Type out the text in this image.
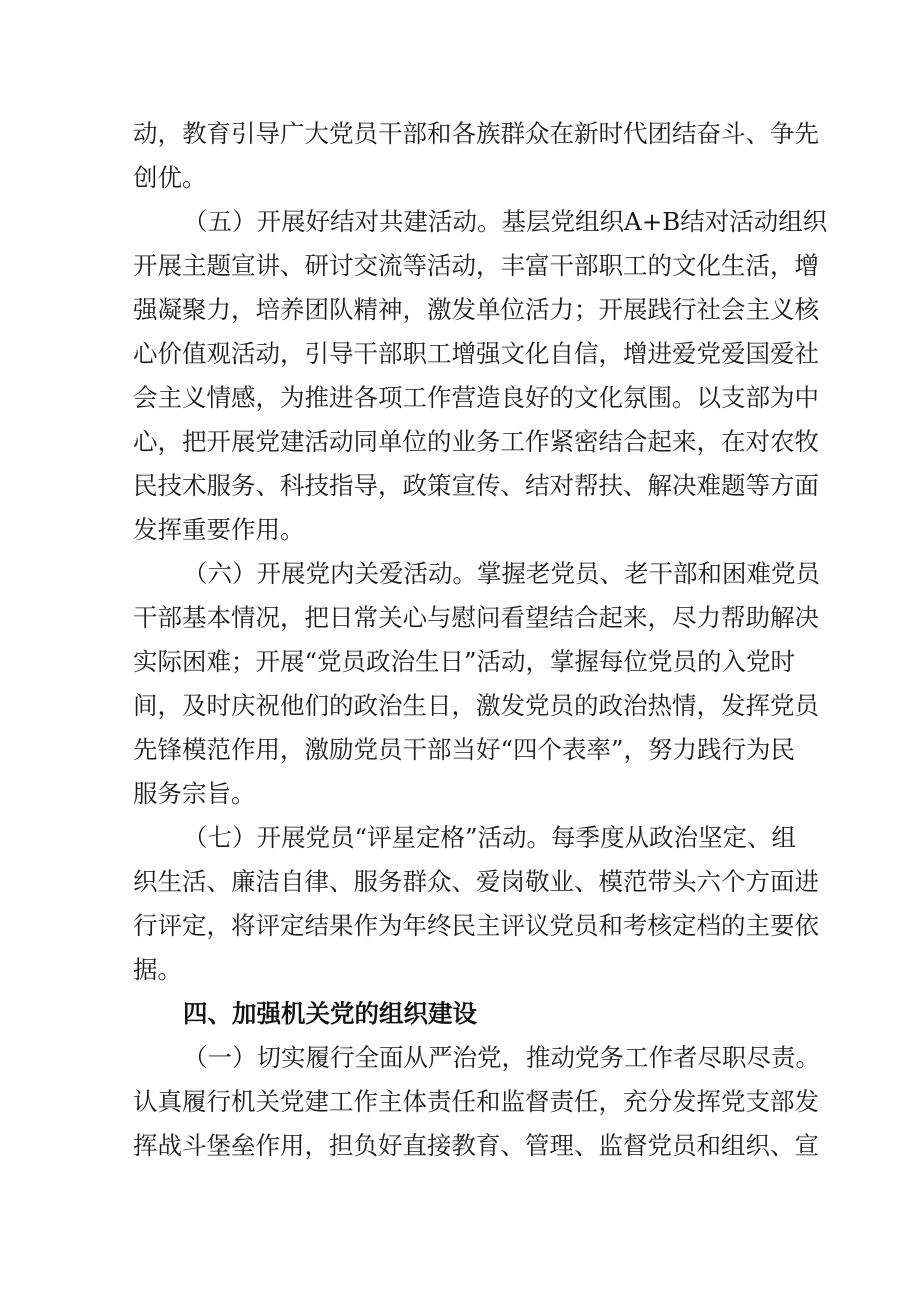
动，教育引导广大党员干部和各族群众在新时代团结奋斗、争先
创优。
（五）开展好结对共建活动。基层党组织A+B结对活动组织
开展主题宣讲、研讨交流等活动，丰富干部职工的文化生活，增
强凝聚力，培养团队精神，激发单位活力；开展践行社会主义核
心价值观活动，引导干部职工增强文化自信，增进爱党爱国爱社
会主义情感，为推进各项工作营造良好的文化氛围。以支部为中
心，把开展党建活动同单位的业务工作紧密结合起来，在对农牧
民技术服务、科技指导，政策宣传、结对帮扶、解决难题等方面
发挥重要作用。
（六）开展党内关爱活动。掌握老党员、老干部和困难党员
干部基本情况，把日常关心与慰问看望结合起来，尽力帮助解决
实际困难；开展“党员政治生日”活动，掌握每位党员的入党时
间，及时庆祝他们的政治生日，激发党员的政治热情，发挥党员
先锋模范作用，激励党员干部当好“四个表率”，努力践行为民
服务宗旨。
（七）开展党员“评星定格”活动。每季度从政治坚定、组
织生活、廉洁自律、服务群众、爱岗敬业、模范带头六个方面进
行评定，将评定结果作为年终民主评议党员和考核定档的主要依
据。
四、加强机关党的组织建设
（一）切实履行全面从严治党，推动党务工作者尽职尽责。
认真履行机关党建工作主体责任和监督责任，充分发挥党支部发
挥战斗堡垒作用，担负好直接教育、管理、监督党员和组织、宣
